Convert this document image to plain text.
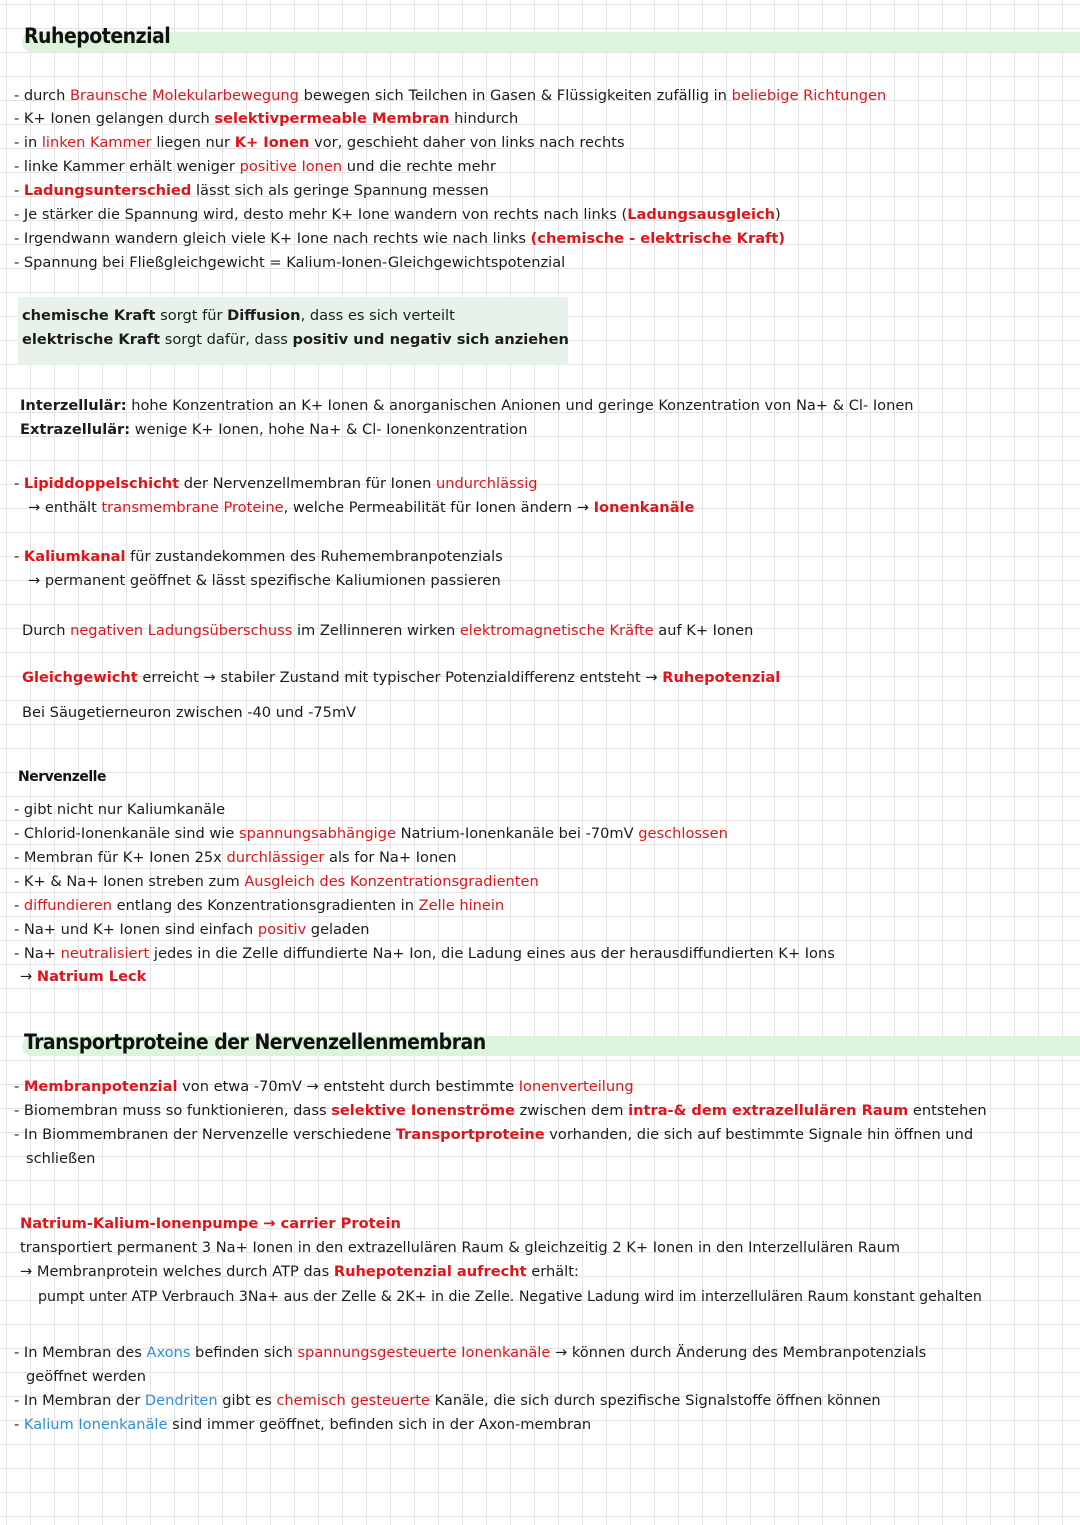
Ruhepotenzial
- durch Braunsche Molekularbewegung bewegen sich Teilchen in Gasen & Flüssigkeiten zufällig in beliebige Richtungen
- K+ Ionen gelangen durch selektivpermeable Membran hindurch
- in linken Kammer liegen nur K+ Ionen vor, geschieht daher von links nach rechts
- linke Kammer erhält weniger positive Ionen und die rechte mehr
- Ladungsunterschied lässt sich als geringe Spannung messen
- Je stärker die Spannung wird, desto mehr K+ Ione wandern von rechts nach links (Ladungsausgleich)
- Irgendwann wandern gleich viele K+ Ione nach rechts wie nach links (chemische - elektrische Kraft)
- Spannung bei Fließgleichgewicht = Kalium-Ionen-Gleichgewichtspotenzial
chemische Kraft sorgt für Diffusion, dass es sich verteilt
elektrische Kraft sorgt dafür, dass positiv und negativ sich anziehen
Interzellulär: hohe Konzentration an K+ Ionen & anorganischen Anionen und geringe Konzentration von Na+ & Cl- Ionen
Extrazellulär: wenige K+ Ionen, hohe Na+ & Cl- Ionenkonzentration
- Lipiddoppelschicht der Nervenzellmembran für Ionen undurchlässig
→ enthält transmembrane Proteine, welche Permeabilität für Ionen ändern → Ionenkanäle
- Kaliumkanal für zustandekommen des Ruhemembranpotenzials
→ permanent geöffnet & lässt spezifische Kaliumionen passieren
Durch negativen Ladungsüberschuss im Zellinneren wirken elektromagnetische Kräfte auf K+ Ionen
Gleichgewicht erreicht → stabiler Zustand mit typischer Potenzialdifferenz entsteht → Ruhepotenzial
Bei Säugetierneuron zwischen -40 und -75mV
Nervenzelle
- gibt nicht nur Kaliumkanäle
- Chlorid-Ionenkanäle sind wie spannungsabhängige Natrium-Ionenkanäle bei -70mV geschlossen
- Membran für K+ Ionen 25x durchlässiger als for Na+ Ionen
- K+ & Na+ Ionen streben zum Ausgleich des Konzentrationsgradienten
- diffundieren entlang des Konzentrationsgradienten in Zelle hinein
- Na+ und K+ Ionen sind einfach positiv geladen
- Na+ neutralisiert jedes in die Zelle diffundierte Na+ Ion, die Ladung eines aus der herausdiffundierten K+ Ions
→ Natrium Leck
Transportproteine der Nervenzellenmembran
- Membranpotenzial von etwa -70mV → entsteht durch bestimmte Ionenverteilung
- Biomembran muss so funktionieren, dass selektive Ionenströme zwischen dem intra-& dem extrazellulären Raum entstehen
- In Biommembranen der Nervenzelle verschiedene Transportproteine vorhanden, die sich auf bestimmte Signale hin öffnen und
schließen
Natrium-Kalium-Ionenpumpe → carrier Protein
transportiert permanent 3 Na+ Ionen in den extrazellulären Raum & gleichzeitig 2 K+ Ionen in den Interzellulären Raum
→ Membranprotein welches durch ATP das Ruhepotenzial aufrecht erhält:
pumpt unter ATP Verbrauch 3Na+ aus der Zelle & 2K+ in die Zelle. Negative Ladung wird im interzellulären Raum konstant gehalten
- In Membran des Axons befinden sich spannungsgesteuerte Ionenkanäle → können durch Änderung des Membranpotenzials
geöffnet werden
- In Membran der Dendriten gibt es chemisch gesteuerte Kanäle, die sich durch spezifische Signalstoffe öffnen können
- Kalium Ionenkanäle sind immer geöffnet, befinden sich in der Axon-membran
